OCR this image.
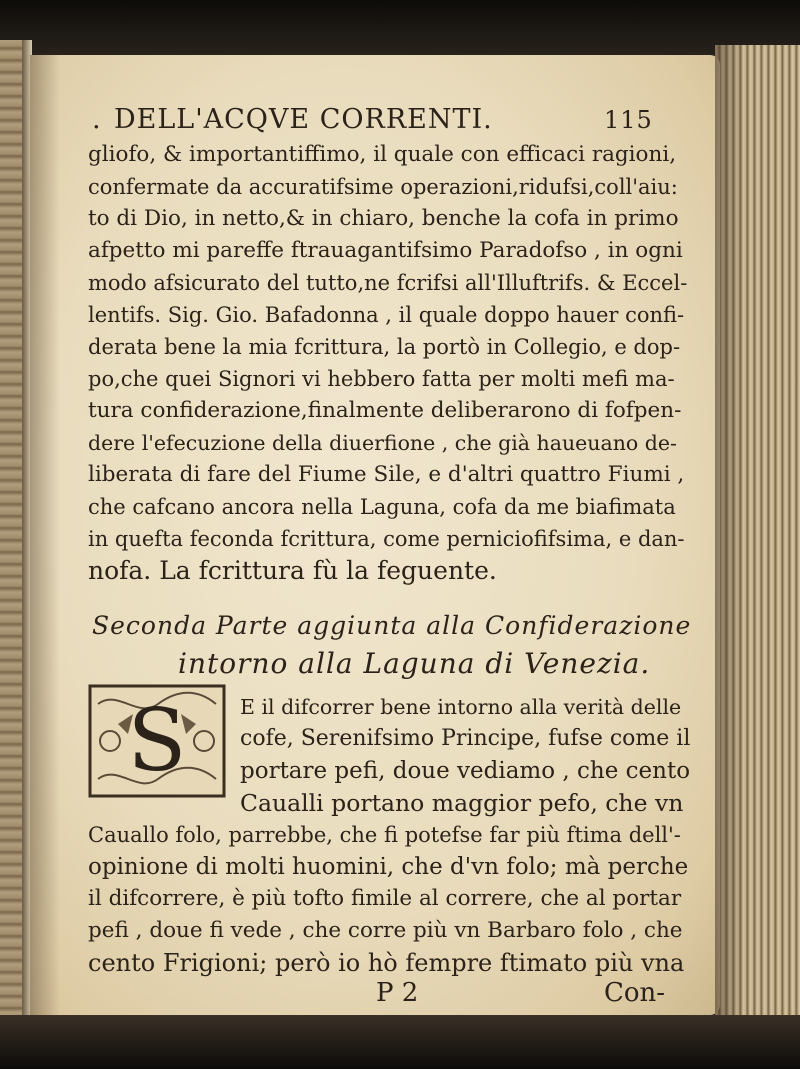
. DELL'ACQVE CORRENTI.	115
gliofo, & importantiffimo, il quale con efficaci ragioni,
confermate da accuratifsime operazioni,ridufsi,coll'aiu:
to di Dio, in netto,& in chiaro, benche la cofa in primo
afpetto mi pareffe ftrauagantifsimo Paradofso , in ogni
modo afsicurato del tutto,ne fcrifsi all'Illuftrifs. & Eccel-
lentifs. Sig. Gio. Bafadonna , il quale doppo hauer confi-
derata bene la mia fcrittura, la portò in Collegio, e dop-
po,che quei Signori vi hebbero fatta per molti mefi ma-
tura confiderazione,finalmente deliberarono di fofpen-
dere l'efecuzione della diuerfione , che già haueuano de-
liberata di fare del Fiume Sile, e d'altri quattro Fiumi ,
che cafcano ancora nella Laguna, cofa da me biafimata
in quefta feconda fcrittura, come perniciofifsima, e dan-
nofa. La fcrittura fù la feguente.
Seconda Parte aggiunta alla Confiderazione
intorno alla Laguna di Venezia.
S	E il difcorrer bene intorno alla verità delle
cofe, Serenifsimo Principe, fufse come il
portare pefi, doue vediamo , che cento
Caualli portano maggior pefo, che vn
Cauallo folo, parrebbe, che fi potefse far più ftima dell'-
opinione di molti huomini, che d'vn folo; mà perche
il difcorrere, è più tofto fimile al correre, che al portar
pefi , doue fi vede , che corre più vn Barbaro folo , che
cento Frigioni; però io hò fempre ftimato più vna
P 2	Con-
